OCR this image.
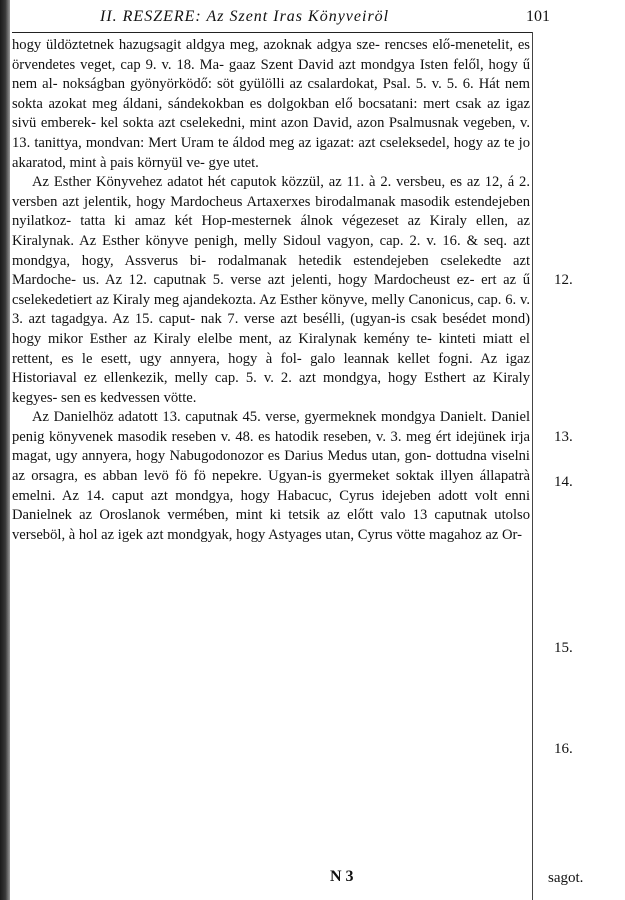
II. RESZERE: Az Szent Iras Könyveiröl	101

hogy üldöztetnek hazugsagit aldgya meg, azoknak adgya sze- rencses elő-menetelit, es örvendetes veget, cap 9. v. 18. Ma- gaaz Szent David azt mondgya Isten felől, hogy ű nem al- nokságban gyönyörködő: söt gyülölli az csalardokat, Psal. 5. v. 5. 6. Hát nem sokta azokat meg áldani, sándekokban es dolgokban elő bocsatani: mert csak az igaz sivü emberek- kel sokta azt cselekedni, mint azon David, azon Psalmusnak vegeben, v. 13. tanittya, mondvan: Mert Uram te áldod meg az igazat: azt cseleksedel, hogy az te jo akaratod, mint à pais környül ve- gye utet.

Az Esther Könyvehez adatot hét caputok közzül, az 11. à 2. versbeu, es az 12, á 2. versben azt jelentik, hogy Mardocheus Artaxerxes birodalmanak masodik estendejeben nyilatkoz- tatta ki amaz két Hop-mesternek álnok végezeset az Kiraly ellen, az Kiralynak. Az Esther könyve penigh, melly Sidoul vagyon, cap. 2. v. 16. & seq. azt mondgya, hogy, Assverus bi- rodalmanak hetedik estendejeben cselekedte azt Mardoche- us. Az 12. caputnak 5. verse azt jelenti, hogy Mardocheust ez- ert az ű cselekedetiert az Kiraly meg ajandekozta. Az Esther könyve, melly Canonicus, cap. 6. v. 3. azt tagadgya. Az 15. caput- nak 7. verse azt besélli, (ugyan-is csak besédet mond) hogy mikor Esther az Kiraly elelbe ment, az Kiralynak kemény te- kinteti miatt el rettent, es le esett, ugy annyera, hogy à fol- galo leannak kellet fogni. Az igaz Historiaval ez ellenkezik, melly cap. 5. v. 2. azt mondgya, hogy Esthert az Kiraly kegyes- sen es kedvessen vötte.

Az Danielhöz adatott 13. caputnak 45. verse, gyermeknek mondgya Danielt. Daniel penig könyvenek masodik reseben v. 48. es hatodik reseben, v. 3. meg ért idejünek irja magat, ugy annyera, hogy Nabugodonozor es Darius Medus utan, gon- dottudna viselni az orsagra, es abban levö fö fö nepekre. Ugyan-is gyermeket soktak illyen állapatrà emelni. Az 14. caput azt mondgya, hogy Habacuc, Cyrus idejeben adott volt enni Danielnek az Oroslanok vermében, mint ki tetsik az előtt valo 13 caputnak utolso verseböl, à hol az igek azt mondgyak, hogy Astyages utan, Cyrus vötte magahoz az Or-

12.
13.
14.
15.
16.
N 3	sagot.
